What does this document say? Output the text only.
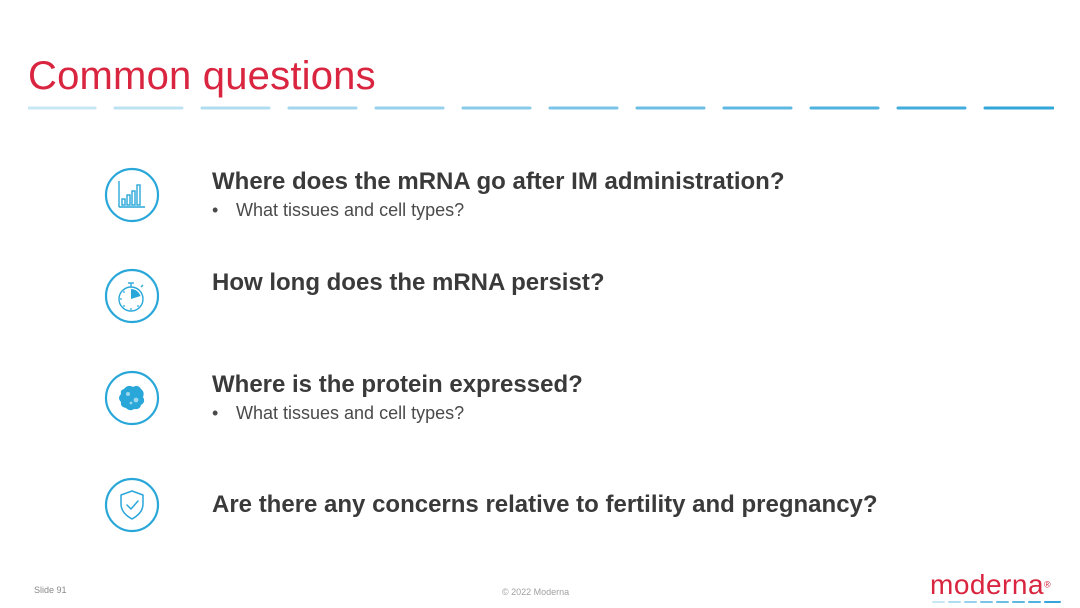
Common questions
Where does the mRNA go after IM administration?
• What tissues and cell types?
How long does the mRNA persist?
Where is the protein expressed?
• What tissues and cell types?
Are there any concerns relative to fertility and pregnancy?
Slide 91	© 2022 Moderna	moderna®
